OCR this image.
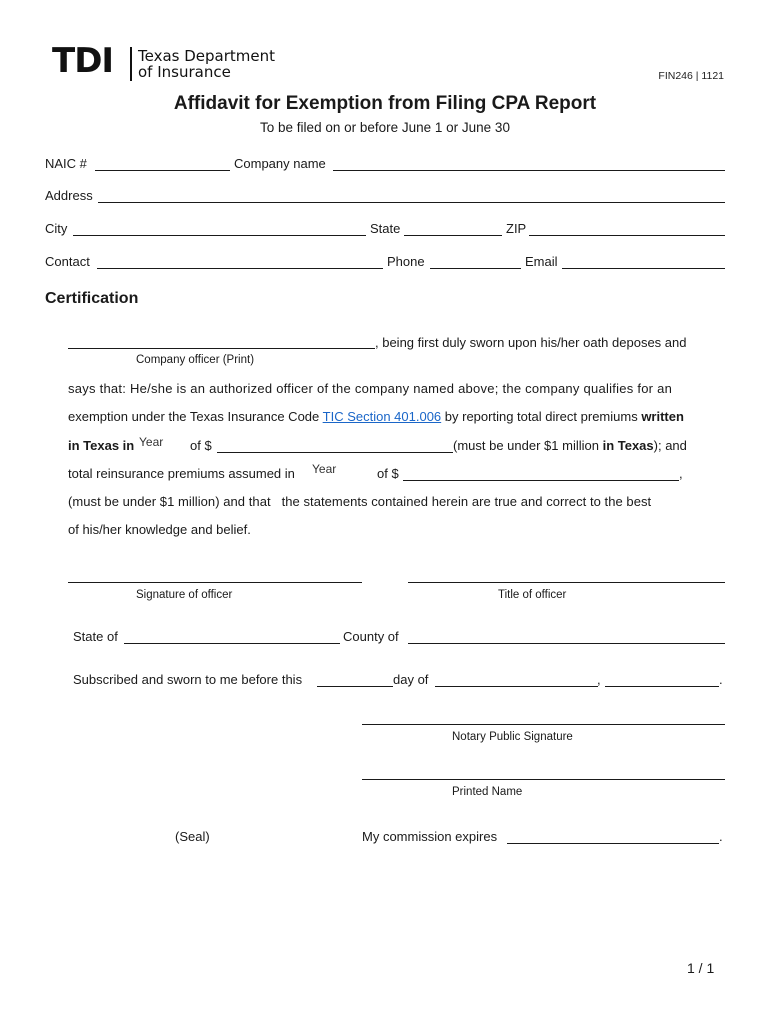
TDI Texas Department
of Insurance	FIN246 | 1121
Affidavit for Exemption from Filing CPA Report
To be filed on or before June 1 or June 30
NAIC #	Company name
Address
City	State	ZIP
Contact	Phone	Email
Certification
, being first duly sworn upon his/her oath deposes and
Company officer (Print)
says that: He/she is an authorized officer of the company named above; the company qualifies for an
exemption under the Texas Insurance Code TIC Section 401.006 by reporting total direct premiums written
in Texas in Year of $	(must be under $1 million in Texas); and
total reinsurance premiums assumed in Year	of $	,
(must be under $1 million) and that   the statements contained herein are true and correct to the best
of his/her knowledge and belief.
Signature of officer	Title of officer
State of	County of
Subscribed and sworn to me before this	day of	,	.
Notary Public Signature
Printed Name
(Seal)	My commission expires	.
1 / 1
